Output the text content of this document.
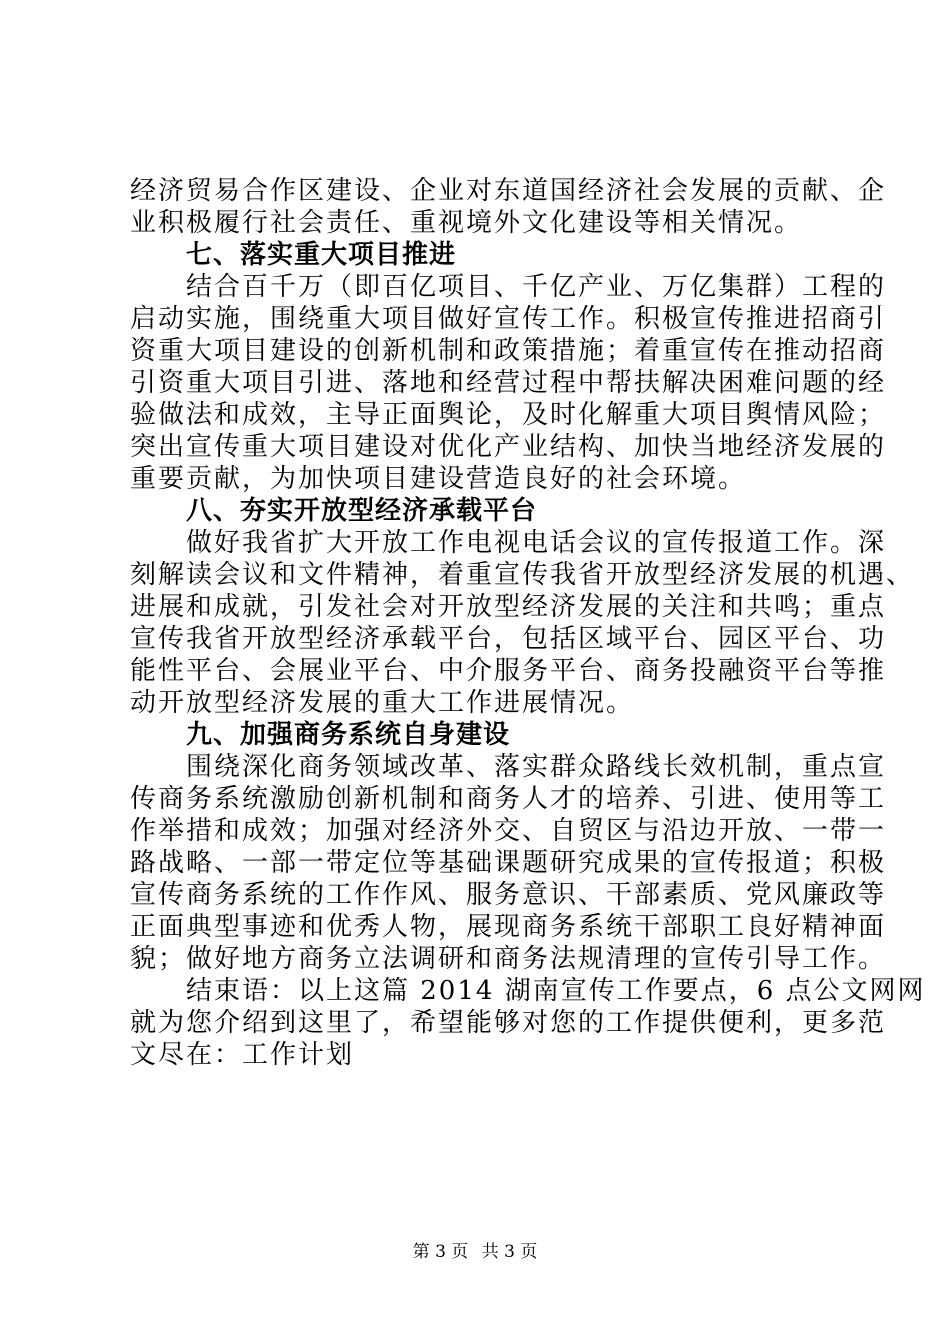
经济贸易合作区建设、企业对东道国经济社会发展的贡献、企
业积极履行社会责任、重视境外文化建设等相关情况。
七、落实重大项目推进
结合百千万（即百亿项目、千亿产业、万亿集群）工程的
启动实施，围绕重大项目做好宣传工作。积极宣传推进招商引
资重大项目建设的创新机制和政策措施；着重宣传在推动招商
引资重大项目引进、落地和经营过程中帮扶解决困难问题的经
验做法和成效，主导正面舆论，及时化解重大项目舆情风险；
突出宣传重大项目建设对优化产业结构、加快当地经济发展的
重要贡献，为加快项目建设营造良好的社会环境。
八、夯实开放型经济承载平台
做好我省扩大开放工作电视电话会议的宣传报道工作。深
刻解读会议和文件精神，着重宣传我省开放型经济发展的机遇、
进展和成就，引发社会对开放型经济发展的关注和共鸣；重点
宣传我省开放型经济承载平台，包括区域平台、园区平台、功
能性平台、会展业平台、中介服务平台、商务投融资平台等推
动开放型经济发展的重大工作进展情况。
九、加强商务系统自身建设
围绕深化商务领域改革、落实群众路线长效机制，重点宣
传商务系统激励创新机制和商务人才的培养、引进、使用等工
作举措和成效；加强对经济外交、自贸区与沿边开放、一带一
路战略、一部一带定位等基础课题研究成果的宣传报道；积极
宣传商务系统的工作作风、服务意识、干部素质、党风廉政等
正面典型事迹和优秀人物，展现商务系统干部职工良好精神面
貌；做好地方商务立法调研和商务法规清理的宣传引导工作。
结束语：以上这篇 2014 湖南宣传工作要点，6 点公文网网
就为您介绍到这里了，希望能够对您的工作提供便利，更多范
文尽在：工作计划
第 3 页 共 3 页
